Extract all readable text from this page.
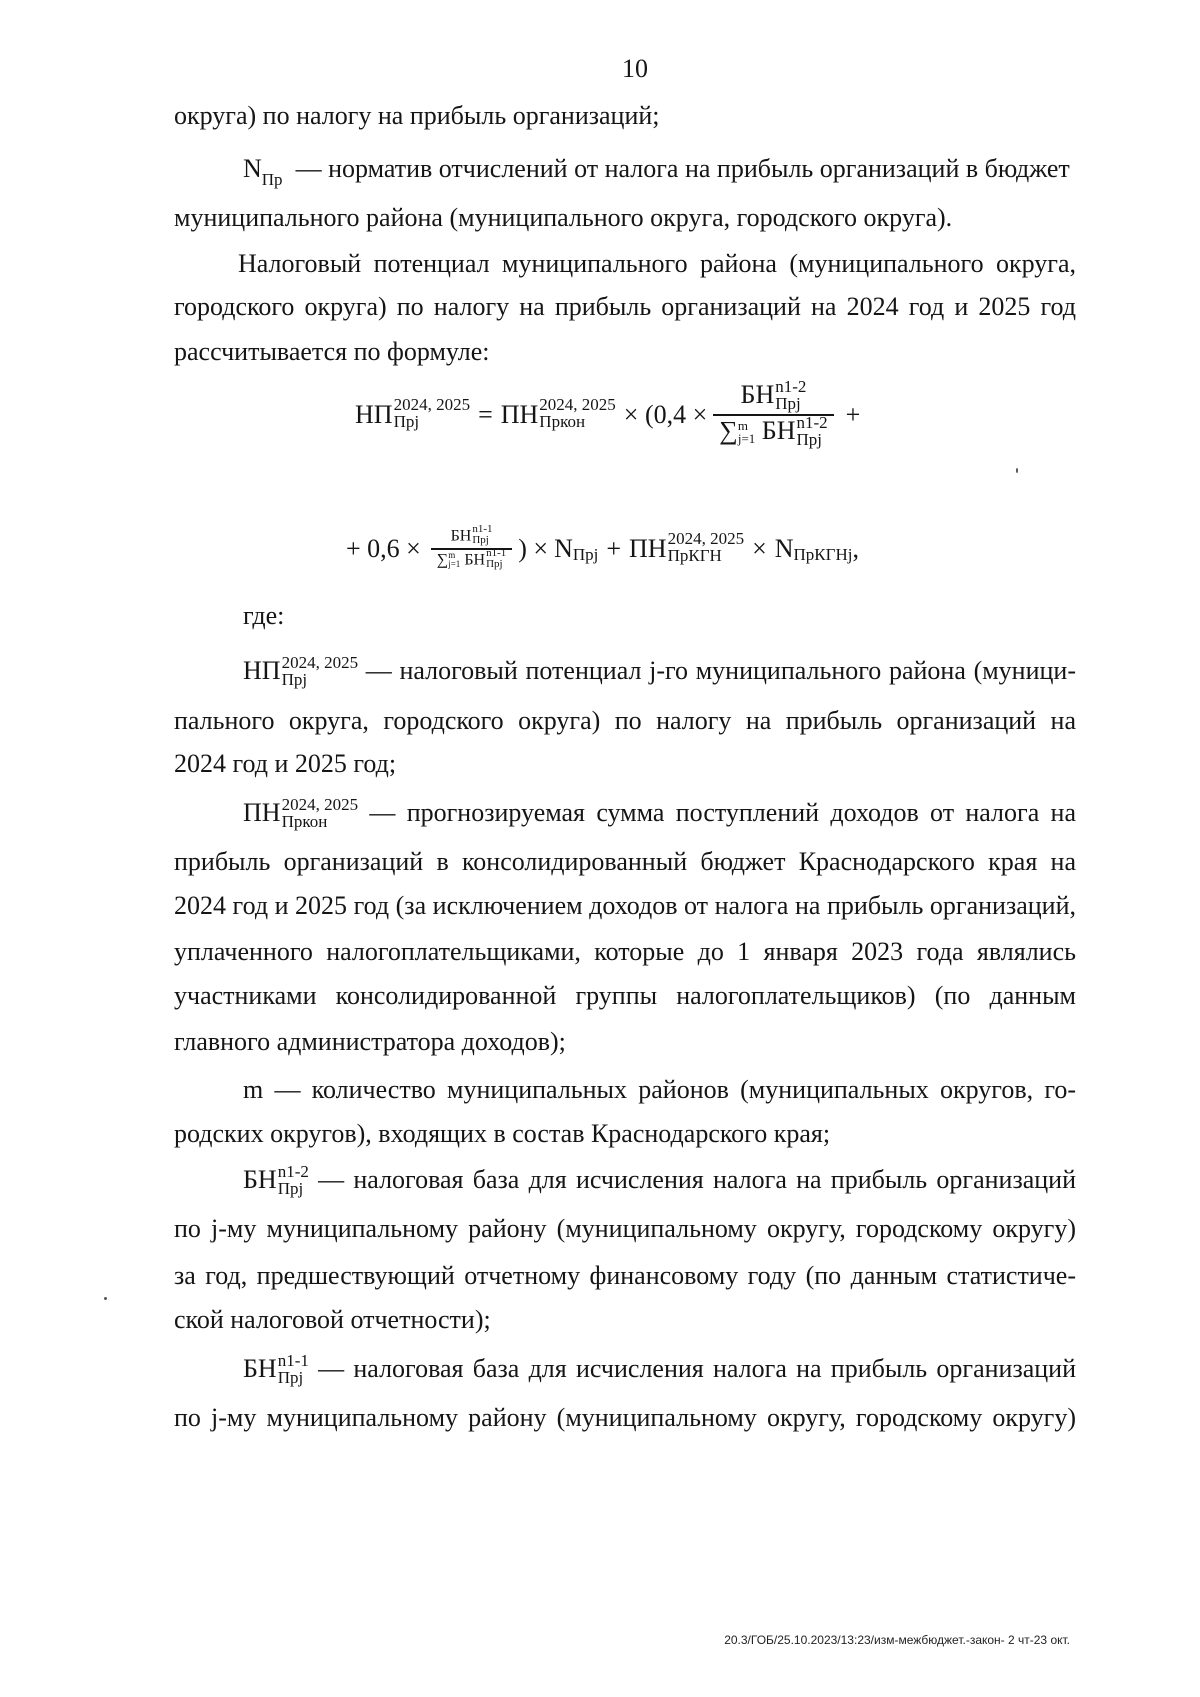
10
округа) по налогу на прибыль организаций;
$N_{Пр}$ — норматив отчислений от налога на прибыль организаций в бюджет
муниципального района (муниципального округа, городского округа).
Налоговый потенциал муниципального района (муниципального округа,
городского округа) по налогу на прибыль организаций на 2024 год и 2025 год
рассчитывается по формуле:
НП 2024, 2025
Прj	= ПН 2024, 2025
Пркон	× (0,4 × БН n1-2
Прj
∑ m
j=1 БН n1-2
Прj +
+ 0,6 × БН n1-1
Прj
∑ m
j=1 БН n1-1
Прj ) × N Прj + ПН 2024, 2025
ПрКГН	× N ПрКГНj ,
где:
НП 2024, 2025
Прj	— налоговый потенциал j-го муниципального района (муници-
пального округа, городского округа) по налогу на прибыль организаций на
2024 год и 2025 год;
ПН 2024, 2025
Пркон	— прогнозируемая сумма поступлений доходов от налога на
прибыль организаций в консолидированный бюджет Краснодарского края на
2024 год и 2025 год (за исключением доходов от налога на прибыль организаций,
уплаченного налогоплательщиками, которые до 1 января 2023 года являлись
участниками консолидированной группы налогоплательщиков) (по данным
главного администратора доходов);
m — количество муниципальных районов (муниципальных округов, го-
родских округов), входящих в состав Краснодарского края;
БН n1-2
Прj — налоговая база для исчисления налога на прибыль организаций
по j-му муниципальному району (муниципальному округу, городскому округу)
за год, предшествующий отчетному финансовому году (по данным статистиче-
ской налоговой отчетности);
БН n1-1
Прj — налоговая база для исчисления налога на прибыль организаций
по j-му муниципальному району (муниципальному округу, городскому округу)
20.3/ГОБ/25.10.2023/13:23/изм-межбюджет.-закон- 2 чт-23 окт.
